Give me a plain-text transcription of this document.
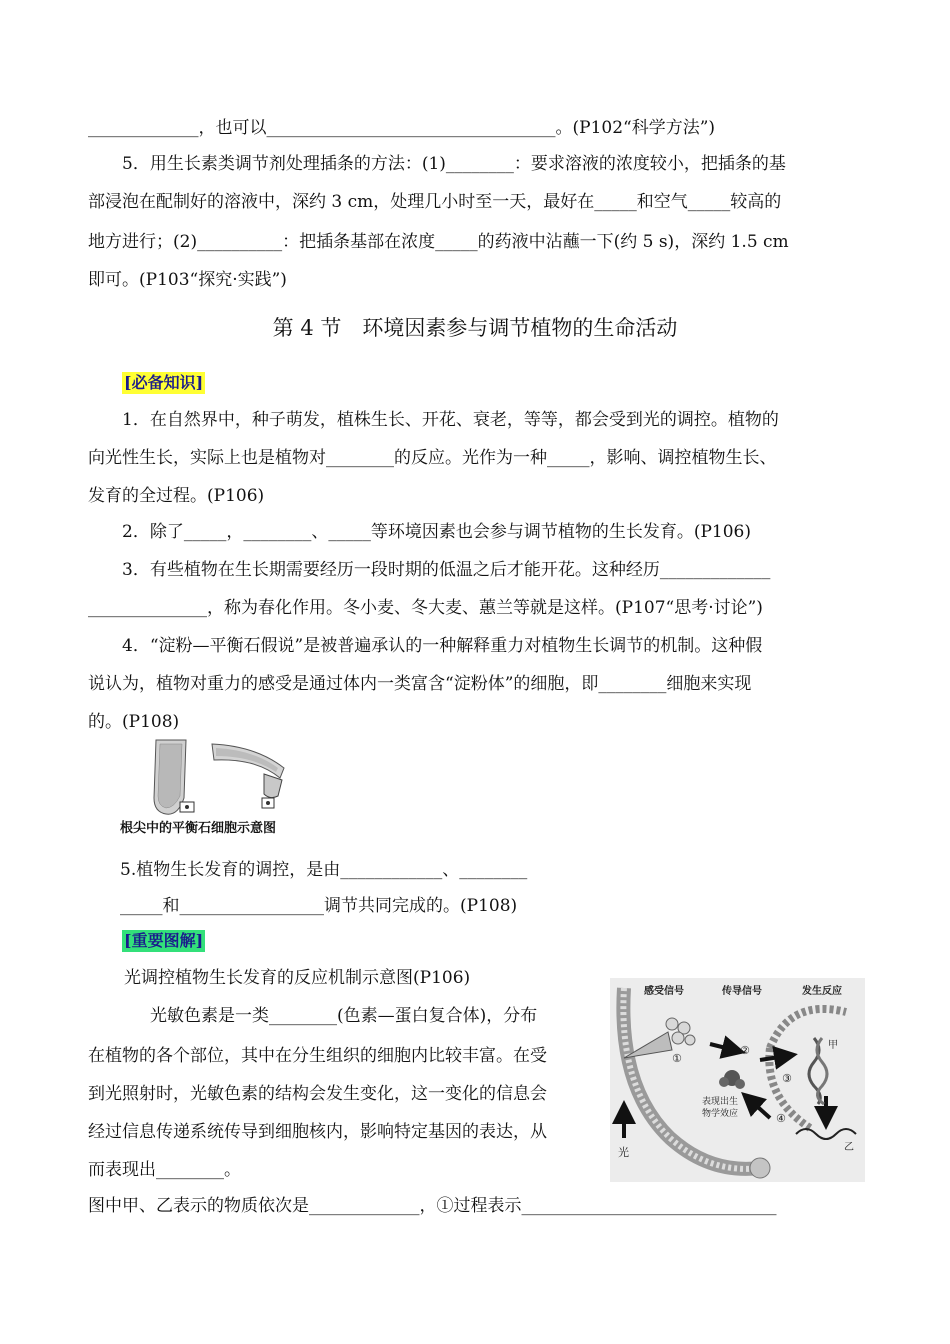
_____________，也可以__________________________________。(P102“科学方法”)
5．用生长素类调节剂处理插条的方法：(1)________：要求溶液的浓度较小，把插条的基
部浸泡在配制好的溶液中，深约 3 cm，处理几小时至一天，最好在_____和空气_____较高的
地方进行；(2)__________：把插条基部在浓度_____的药液中沾蘸一下(约 5 s)，深约 1.5 cm
即可。(P103“探究·实践”)
第 4 节　环境因素参与调节植物的生命活动
[必备知识]
1．在自然界中，种子萌发，植株生长、开花、衰老，等等，都会受到光的调控。植物的
向光性生长，实际上也是植物对________的反应。光作为一种_____，影响、调控植物生长、
发育的全过程。(P106)
2．除了_____，________、_____等环境因素也会参与调节植物的生长发育。(P106)
3．有些植物在生长期需要经历一段时期的低温之后才能开花。这种经历_____________
______________，称为春化作用。冬小麦、冬大麦、蕙兰等就是这样。(P107“思考·讨论”)
4．“淀粉—平衡石假说”是被普遍承认的一种解释重力对植物生长调节的机制。这种假
说认为，植物对重力的感受是通过体内一类富含“淀粉体”的细胞，即________细胞来实现
的。(P108)
根尖中的平衡石细胞示意图
5.植物生长发育的调控，是由____________、________
_____和_________________调节共同完成的。(P108)
[重要图解]
光调控植物生长发育的反应机制示意图(P106)
光敏色素是一类________(色素—蛋白复合体)，分布
在植物的各个部位，其中在分生组织的细胞内比较丰富。在受
到光照射时，光敏色素的结构会发生变化，这一变化的信息会
经过信息传递系统传导到细胞核内，影响特定基因的表达，从
而表现出________。
图中甲、乙表示的物质依次是_____________，①过程表示______________________________
感受信号	传导信号	发生反应
①
②
③
④
甲
乙
光
表现出生
物学效应
